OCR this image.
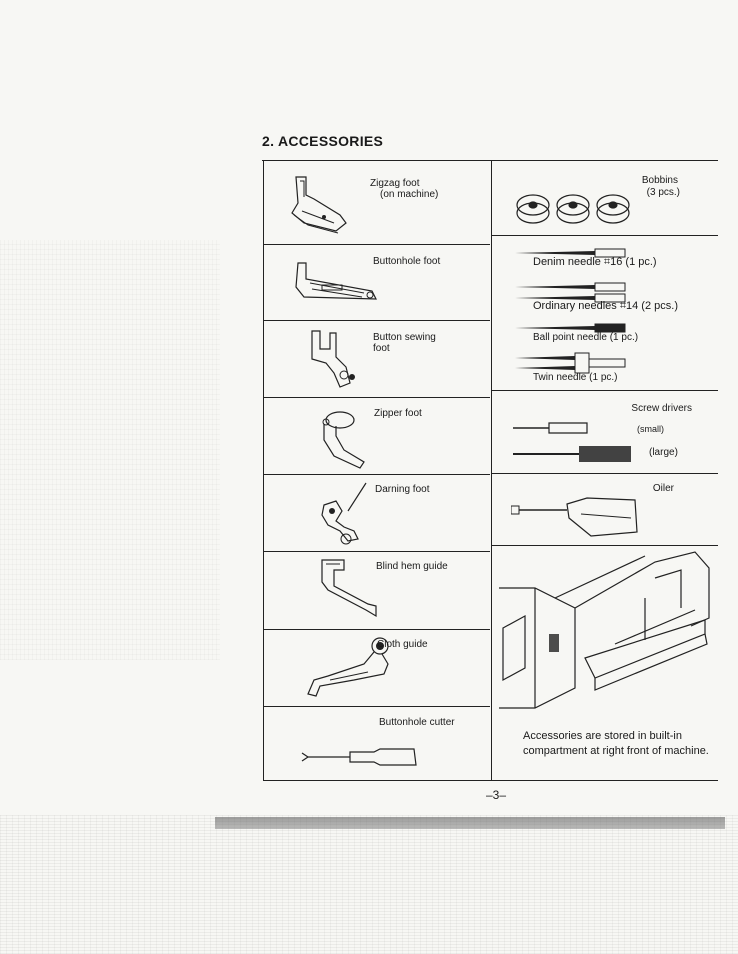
2. ACCESSORIES
Zigzag foot
(on machine)
Buttonhole foot
Button sewing
foot
Zipper foot
Darning foot
Blind hem guide
Cloth guide
Buttonhole cutter
Bobbins
(3 pcs.)
Denim needle ⌗16 (1 pc.)
Ordinary needles ⌗14 (2 pcs.)
Ball point needle (1 pc.)
Twin needle (1 pc.)
Screw drivers
(small)
(large)
Oiler
Accessories are stored in built-in compartment at right front of machine.
–3–
